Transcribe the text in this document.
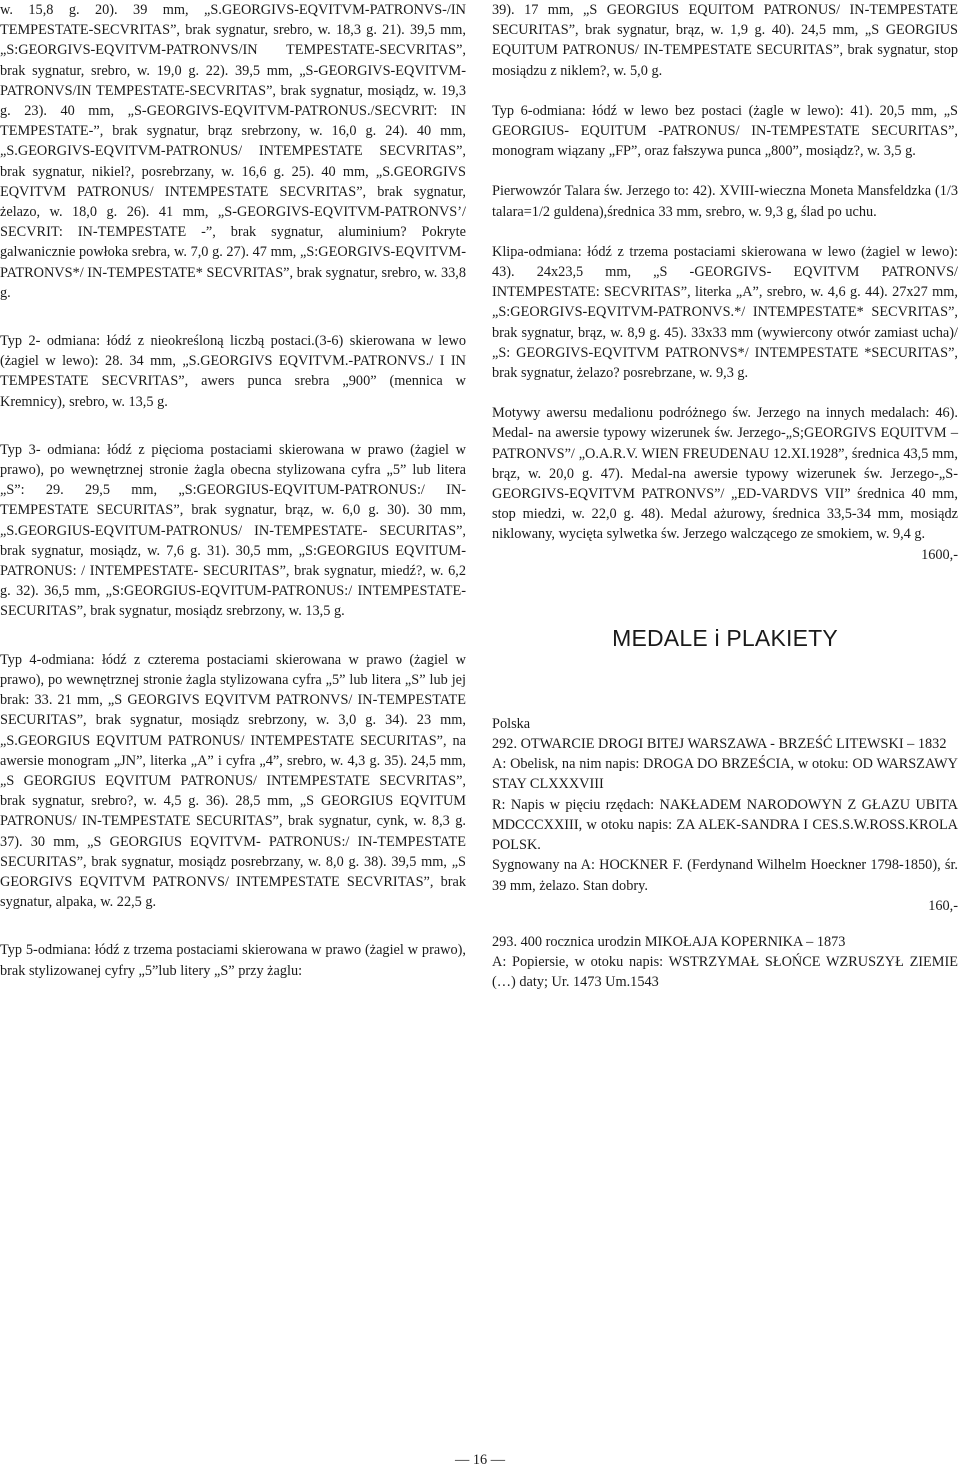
w. 15,8 g. 20). 39 mm, „S.GEORGIVS-EQVITVM-PATRONVS-/IN TEMPESTATE-SECVRITAS”, brak sygnatur, srebro, w. 18,3 g. 21). 39,5 mm, „S:GEORGIVS-EQVITVM-PATRONVS/IN TEMPESTATE-SECVRITAS”, brak sygnatur, srebro, w. 19,0 g. 22). 39,5 mm, „S-GEORGIVS-EQVITVM-PATRONVS/IN TEMPESTATE-SECVRITAS”, brak sygnatur, mosiądz, w. 19,3 g. 23). 40 mm, „S-GEORGIVS-EQVITVM-PATRONUS./SECVRIT: IN TEMPESTATE-”, brak sygnatur, brąz srebrzony, w. 16,0 g. 24). 40 mm, „S.GEORGIVS-EQVITVM-PATRONUS/ INTEMPESTATE SECVRITAS”, brak sygnatur, nikiel?, posrebrzany, w. 16,6 g. 25). 40 mm, „S.GEORGIVS EQVITVM PATRONUS/ INTEMPESTATE SECVRITAS”, brak sygnatur, żelazo, w. 18,0 g. 26). 41 mm, „S-GEORGIVS-EQVITVM-PATRONVS’/ SECVRIT: IN-TEMPESTATE -”, brak sygnatur, aluminium? Pokryte galwanicznie powłoka srebra, w. 7,0 g. 27). 47 mm, „S:GEORGIVS-EQVITVM-PATRONVS*/ IN-TEMPESTATE* SECVRITAS”, brak sygnatur, srebro, w. 33,8 g.

Typ 2- odmiana: łódź z nieokreśloną liczbą postaci.(3-6) skierowana w lewo (żagiel w lewo): 28. 34 mm, „S.GEORGIVS EQVITVM.-PATRONVS./ I IN TEMPESTATE SECVRITAS”, awers punca srebra „900” (mennica w Kremnicy), srebro, w. 13,5 g.

Typ 3- odmiana: łódź z pięcioma postaciami skierowana w prawo (żagiel w prawo), po wewnętrznej stronie żagla obecna stylizowana cyfra „5” lub litera „S”: 29. 29,5 mm, „S:GEORGIUS-EQVITUM-PATRONUS:/ IN-TEMPESTATE SECURITAS”, brak sygnatur, brąz, w. 6,0 g. 30). 30 mm, „S.GEORGIUS-EQVITUM-PATRONUS/ IN-TEMPESTATE- SECURITAS”, brak sygnatur, mosiądz, w. 7,6 g. 31). 30,5 mm, „S:GEORGIUS EQVITUM-PATRONUS: / INTEMPESTATE- SECURITAS”, brak sygnatur, miedź?, w. 6,2 g. 32). 36,5 mm, „S:GEORGIUS-EQVITUM-PATRONUS:/ INTEMPESTATE- SECURITAS”, brak sygnatur, mosiądz srebrzony, w. 13,5 g.

Typ 4-odmiana: łódź z czterema postaciami skierowana w prawo (żagiel w prawo), po wewnętrznej stronie żagla stylizowana cyfra „5” lub litera „S” lub jej brak: 33. 21 mm, „S GEORGIVS EQVITVM PATRONVS/ IN-TEMPESTATE SECURITAS”, brak sygnatur, mosiądz srebrzony, w. 3,0 g. 34). 23 mm, „S.GEORGIUS EQVITUM PATRONUS/ INTEMPESTATE SECURITAS”, na awersie monogram „JN”, literka „A” i cyfra „4”, srebro, w. 4,3 g. 35). 24,5 mm, „S GEORGIUS EQVITUM PATRONUS/ INTEMPESTATE SECVRITAS”, brak sygnatur, srebro?, w. 4,5 g. 36). 28,5 mm, „S GEORGIUS EQVITUM PATRONUS/ IN-TEMPESTATE SECURITAS”, brak sygnatur, cynk, w. 8,3 g. 37). 30 mm, „S GEORGIUS EQVITVM- PATRONUS:/ IN-TEMPESTATE SECURITAS”, brak sygnatur, mosiądz posrebrzany, w. 8,0 g. 38). 39,5 mm, „S GEORGIVS EQVITVM PATRONVS/ INTEMPESTATE SECVRITAS”, brak sygnatur, alpaka, w. 22,5 g.

Typ 5-odmiana: łódź z trzema postaciami skierowana w prawo (żagiel w prawo), brak stylizowanej cyfry „5”lub litery „S” przy żaglu:

39). 17 mm, „S GEORGIUS EQUITOM PATRONUS/ IN-TEMPESTATE SECURITAS”, brak sygnatur, brąz, w. 1,9 g. 40). 24,5 mm, „S GEORGIUS EQUITUM PATRONUS/ IN-TEMPESTATE SECURITAS”, brak sygnatur, stop mosiądzu z niklem?, w. 5,0 g.

Typ 6-odmiana: łódź w lewo bez postaci (żagle w lewo): 41). 20,5 mm, „S GEORGIUS- EQUITUM -PATRONUS/ IN-TEMPESTATE SECURITAS”, monogram wiązany „FP”, oraz fałszywa punca „800”, mosiądz?, w. 3,5 g.

Pierwowzór Talara św. Jerzego to: 42). XVIII-wieczna Moneta Mansfeldzka (1/3 talara=1/2 guldena),średnica 33 mm, srebro, w. 9,3 g, ślad po uchu.

Klipa-odmiana: łódź z trzema postaciami skierowana w lewo (żagiel w lewo): 43). 24x23,5 mm, „S -GEORGIVS- EQVITVM PATRONVS/ INTEMPESTATE: SECVRITAS”, literka „A”, srebro, w. 4,6 g. 44). 27x27 mm, „S:GEORGIVS-EQVITVM-PATRONVS.*/ INTEMPESTATE* SECVRITAS”, brak sygnatur, brąz, w. 8,9 g. 45). 33x33 mm (wywiercony otwór zamiast ucha)/ „S: GEORGIVS-EQVITVM PATRONVS*/ INTEMPESTATE *SECURITAS”, brak sygnatur, żelazo? posrebrzane, w. 9,3 g.

Motywy awersu medalionu podróżnego św. Jerzego na innych medalach: 46). Medal- na awersie typowy wizerunek św. Jerzego-„S;GEORGIVS EQUITVM – PATRONVS”/ „O.A.R.V. WIEN FREUDENAU 12.XI.1928”, średnica 43,5 mm, brąz, w. 20,0 g. 47). Medal-na awersie typowy wizerunek św. Jerzego-„S-GEORGIVS-EQVITVM PATRONVS”/ „ED-VARDVS VII” średnica 40 mm, stop miedzi, w. 22,0 g. 48). Medal ażurowy, średnica 33,5-34 mm, mosiądz niklowany, wycięta sylwetka św. Jerzego walczącego ze smokiem, w. 9,4 g.

1600,-

MEDALE i PLAKIETY

Polska

292. OTWARCIE DROGI BITEJ WARSZAWA - BRZEŚĆ LITEWSKI – 1832

A: Obelisk, na nim napis: DROGA DO BRZEŚCIA, w otoku: OD WARSZAWY STAY CLXXXVIII

R: Napis w pięciu rzędach: NAKŁADEM NARODOWYN Z GŁAZU UBITA MDCCCXXIII, w otoku napis: ZA ALEK-SANDRA I CES.S.W.ROSS.KROLA POLSK.

Sygnowany na A: HOCKNER F. (Ferdynand Wilhelm Hoeckner 1798-1850), śr. 39 mm, żelazo. Stan dobry.

160,-

293. 400 rocznica urodzin MIKOŁAJA KOPERNIKA – 1873

A: Popiersie, w otoku napis: WSTRZYMAŁ SŁOŃCE WZRUSZYŁ ZIEMIE (…) daty; Ur. 1473 Um.1543

— 16 —
